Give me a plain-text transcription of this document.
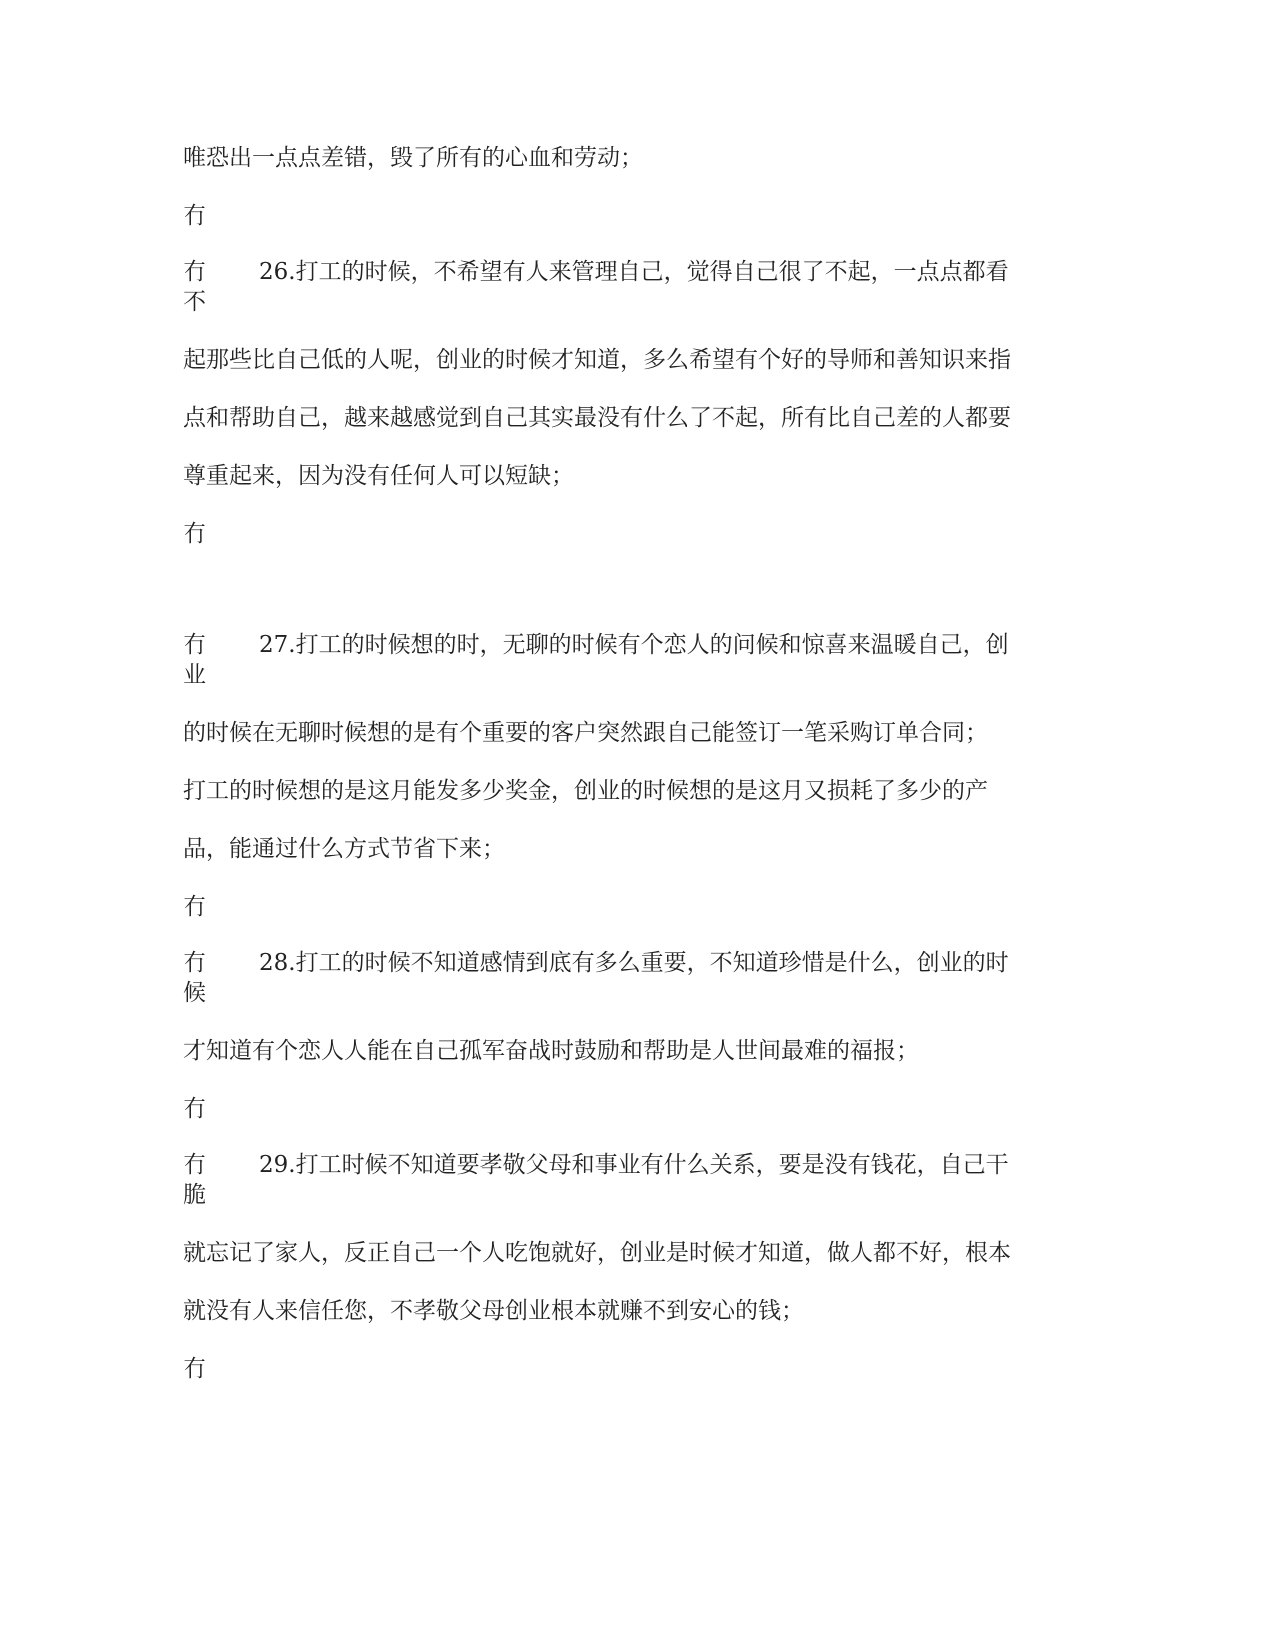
唯恐出一点点差错，毁了所有的心血和劳动；
冇
冇
不
26.打工的时候，不希望有人来管理自己，觉得自己很了不起，一点点都看
起那些比自己低的人呢，创业的时候才知道，多么希望有个好的导师和善知识来指
点和帮助自己，越来越感觉到自己其实最没有什么了不起，所有比自己差的人都要
尊重起来，因为没有任何人可以短缺；
冇
冇
业
27.打工的时候想的时，无聊的时候有个恋人的问候和惊喜来温暖自己，创
的时候在无聊时候想的是有个重要的客户突然跟自己能签订一笔采购订单合同；
打工的时候想的是这月能发多少奖金，创业的时候想的是这月又损耗了多少的产
品，能通过什么方式节省下来；
冇
冇
候
28.打工的时候不知道感情到底有多么重要，不知道珍惜是什么，创业的时
才知道有个恋人人能在自己孤军奋战时鼓励和帮助是人世间最难的福报；
冇
冇
脆
29.打工时候不知道要孝敬父母和事业有什么关系，要是没有钱花，自己干
就忘记了家人，反正自己一个人吃饱就好，创业是时候才知道，做人都不好，根本
就没有人来信任您，不孝敬父母创业根本就赚不到安心的钱；
冇
